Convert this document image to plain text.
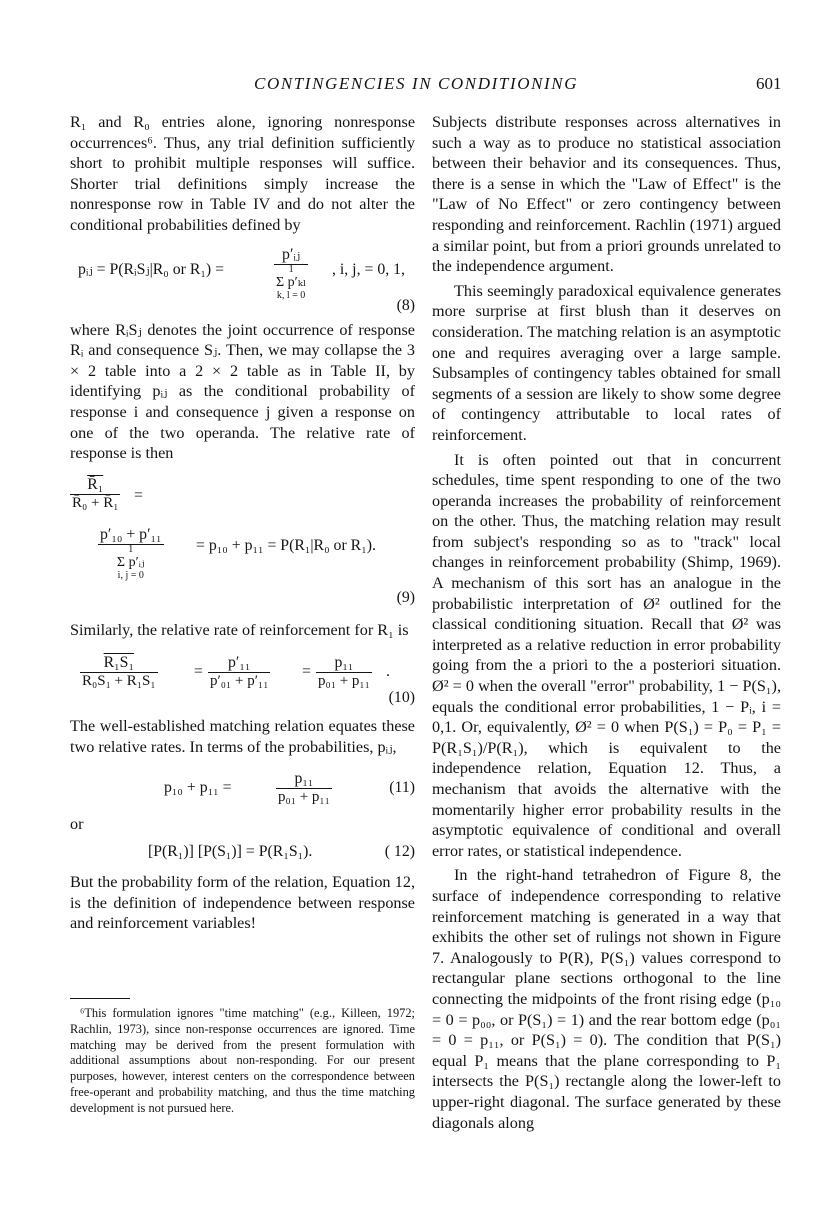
CONTINGENCIES IN CONDITIONING	601

R₁ and R₀ entries alone, ignoring nonresponse occurrences⁶. Thus, any trial definition sufficiently short to prohibit multiple responses will suffice. Shorter trial definitions simply increase the nonresponse row in Table IV and do not alter the conditional probabilities defined by

pᵢⱼ = P(RᵢSⱼ|R₀ or R₁) =
p′ᵢⱼ
1
Σ p′ₖₗ
k, l = 0
, i, j, = 0, 1,
(8)

where RᵢSⱼ denotes the joint occurrence of response Rᵢ and consequence Sⱼ. Then, we may collapse the 3 × 2 table into a 2 × 2 table as in Table II, by identifying pᵢⱼ as the conditional probability of response i and consequence j given a response on one of the two operanda. The relative rate of response is then

$\frac{\text{R̄₁}}{\text{R̄₀ + R̄₁}}$ =
p′₁₀ + p′₁₁
1
Σ p′ᵢⱼ
i, j = 0
= p₁₀ + p₁₁ = P(R₁|R₀ or R₁).
(9)

Similarly, the relative rate of reinforcement for R₁ is

$\frac{\text{R₁S₁}}{\text{R₀S₁ + R₁S₁}} = \frac{\text{p′₁₁}}{\text{p′₀₁ + p′₁₁}} = \frac{\text{p₁₁}}{\text{p₀₁ + p₁₁}}$ .
(10)

The well-established matching relation equates these two relative rates. In terms of the probabilities, pᵢⱼ,

p₁₀ + p₁₁ =	$\frac{\text{p₁₁}}{\text{p₀₁ + p₁₁}}$	(11)

or

[P(R₁)] [P(S₁)] = P(R₁S₁).	( 12)

But the probability form of the relation, Equation 12, is the definition of independence between response and reinforcement variables!

⁶This formulation ignores "time matching" (e.g., Killeen, 1972; Rachlin, 1973), since non-response occurrences are ignored. Time matching may be derived from the present formulation with additional assumptions about non-responding. For our present purposes, however, interest centers on the correspondence between free-operant and probability matching, and thus the time matching development is not pursued here.

Subjects distribute responses across alternatives in such a way as to produce no statistical association between their behavior and its consequences. Thus, there is a sense in which the "Law of Effect" is the "Law of No Effect" or zero contingency between responding and reinforcement. Rachlin (1971) argued a similar point, but from a priori grounds unrelated to the independence argument.

This seemingly paradoxical equivalence generates more surprise at first blush than it deserves on consideration. The matching relation is an asymptotic one and requires averaging over a large sample. Subsamples of contingency tables obtained for small segments of a session are likely to show some degree of contingency attributable to local rates of reinforcement.

It is often pointed out that in concurrent schedules, time spent responding to one of the two operanda increases the probability of reinforcement on the other. Thus, the matching relation may result from subject's responding so as to "track" local changes in reinforcement probability (Shimp, 1969). A mechanism of this sort has an analogue in the probabilistic interpretation of Ø² outlined for the classical conditioning situation. Recall that Ø² was interpreted as a relative reduction in error probability going from the a priori to the a posteriori situation. Ø² = 0 when the overall "error" probability, 1 − P(S₁), equals the conditional error probabilities, 1 − Pᵢ, i = 0,1. Or, equivalently, Ø² = 0 when P(S₁) = P₀ = P₁ = P(R₁S₁)/P(R₁), which is equivalent to the independence relation, Equation 12. Thus, a mechanism that avoids the alternative with the momentarily higher error probability results in the asymptotic equivalence of conditional and overall error rates, or statistical independence.

In the right-hand tetrahedron of Figure 8, the surface of independence corresponding to relative reinforcement matching is generated in a way that exhibits the other set of rulings not shown in Figure 7. Analogously to P(R), P(S₁) values correspond to rectangular plane sections orthogonal to the line connecting the midpoints of the front rising edge (p₁₀ = 0 = p₀₀, or P(S₁) = 1) and the rear bottom edge (p₀₁ = 0 = p₁₁, or P(S₁) = 0). The condition that P(S₁) equal P₁ means that the plane corresponding to P₁ intersects the P(S₁) rectangle along the lower-left to upper-right diagonal. The surface generated by these diagonals along
